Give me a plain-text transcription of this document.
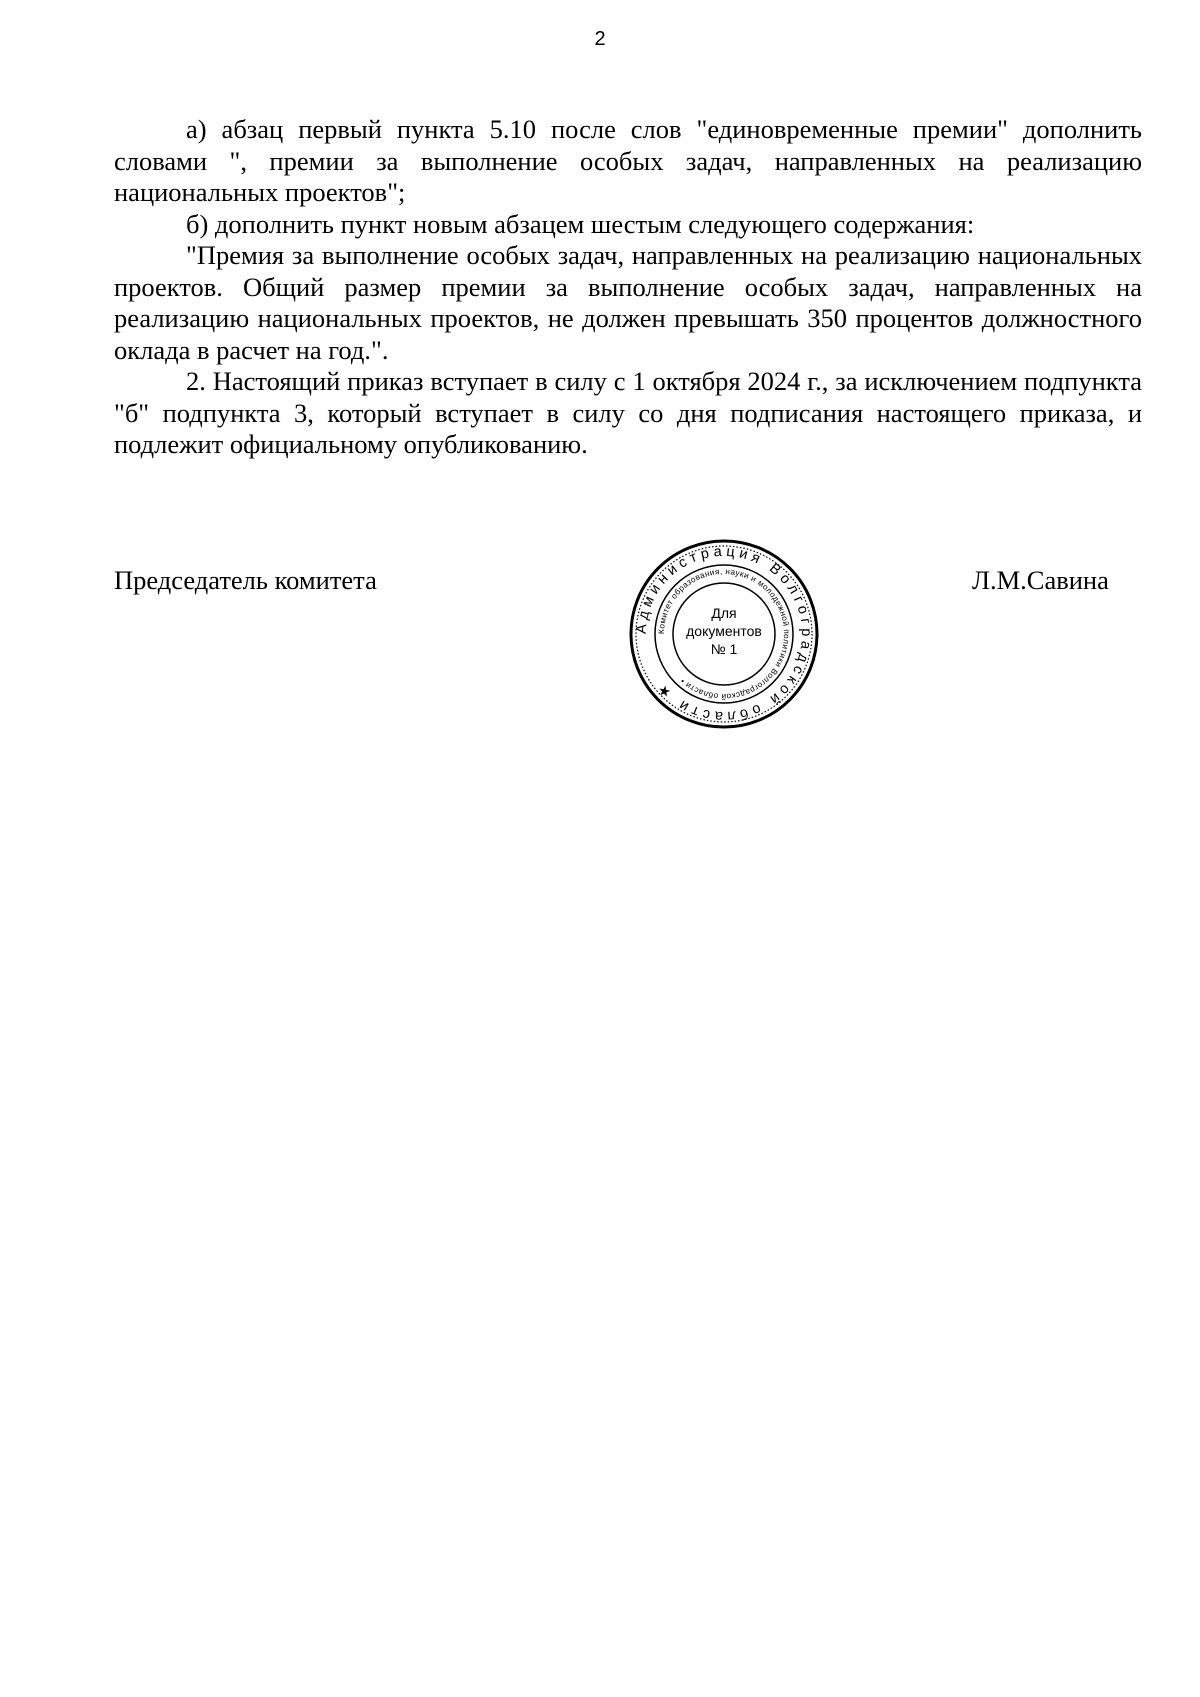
2

а) абзац первый пункта 5.10 после слов "единовременные премии" дополнить словами ", премии за выполнение особых задач, направленных на реализацию национальных проектов";

б) дополнить пункт новым абзацем шестым следующего содержания:

"Премия за выполнение особых задач, направленных на реализацию национальных проектов. Общий размер премии за выполнение особых задач, направленных на реализацию национальных проектов, не должен превышать 350 процентов должностного оклада в расчет на год.".

2. Настоящий приказ вступает в силу с 1 октября 2024 г., за исключением подпункта "б" подпункта 3, который вступает в силу со дня подписания настоящего приказа, и подлежит официальному опубликованию.

Председатель комитета	Л.М.Савина
Администрация Волгоградской области ★
Комитет образования, науки и молодежной политики Волгоградской области •
Для
документов
№ 1
